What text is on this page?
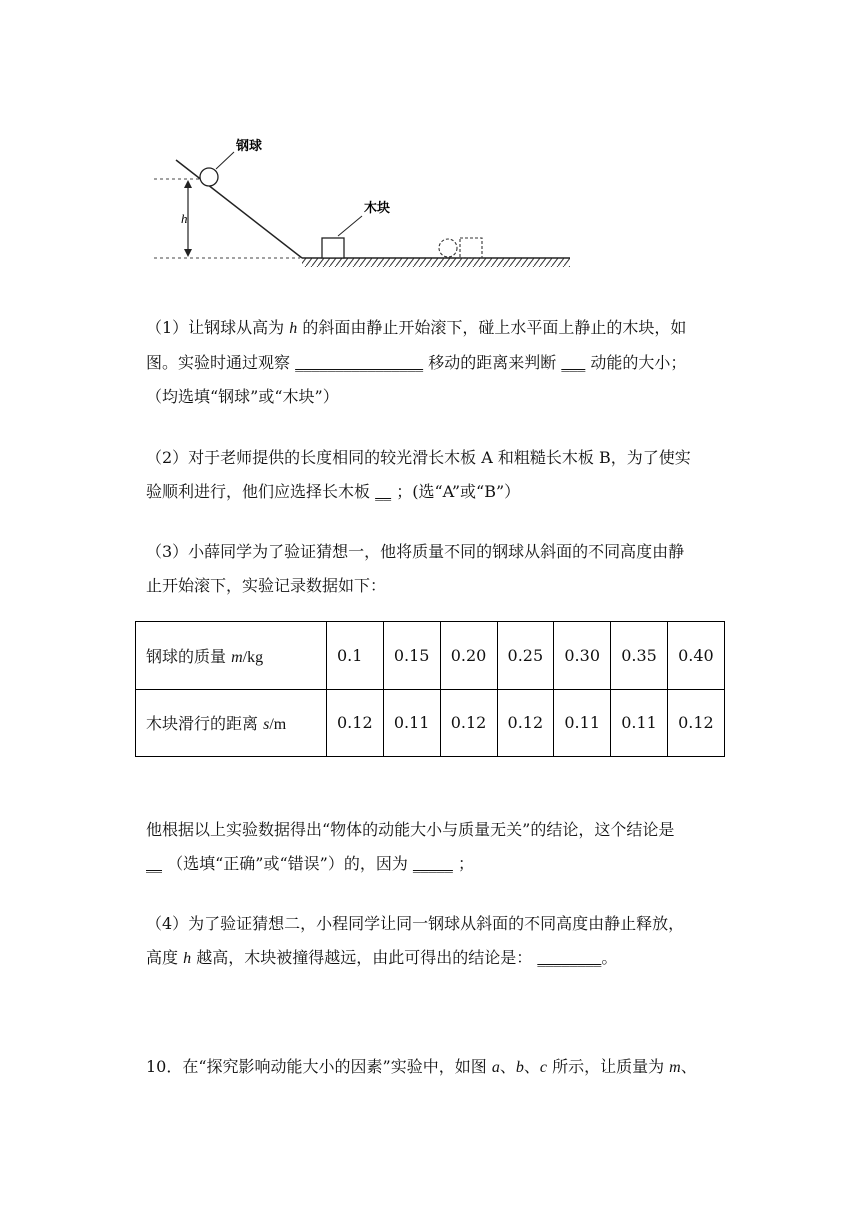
h
钢球
木块

（1）让钢球从高为 h 的斜面由静止开始滚下，碰上水平面上静止的木块，如
图。实验时通过观察 ________________ 移动的距离来判断 ___ 动能的大小；
（均选填“钢球”或“木块”）

（2）对于老师提供的长度相同的较光滑长木板 A 和粗糙长木板 B，为了使实
验顺利进行，他们应选择长木板 __ ；(选“A”或“B”）

（3）小薛同学为了验证猜想一，他将质量不同的钢球从斜面的不同高度由静
止开始滚下，实验记录数据如下：

钢球的质量 m/kg	0.1	0.15	0.20	0.25	0.30	0.35	0.40
木块滑行的距离 s/m	0.12	0.11	0.12	0.12	0.11	0.11	0.12

他根据以上实验数据得出“物体的动能大小与质量无关”的结论，这个结论是
__ （选填“正确”或“错误”）的，因为 _____ ；

（4）为了验证猜想二，小程同学让同一钢球从斜面的不同高度由静止释放，
高度 h 越高，木块被撞得越远，由此可得出的结论是： ________。

10．在“探究影响动能大小的因素”实验中，如图 a、b、c 所示，让质量为 m、
